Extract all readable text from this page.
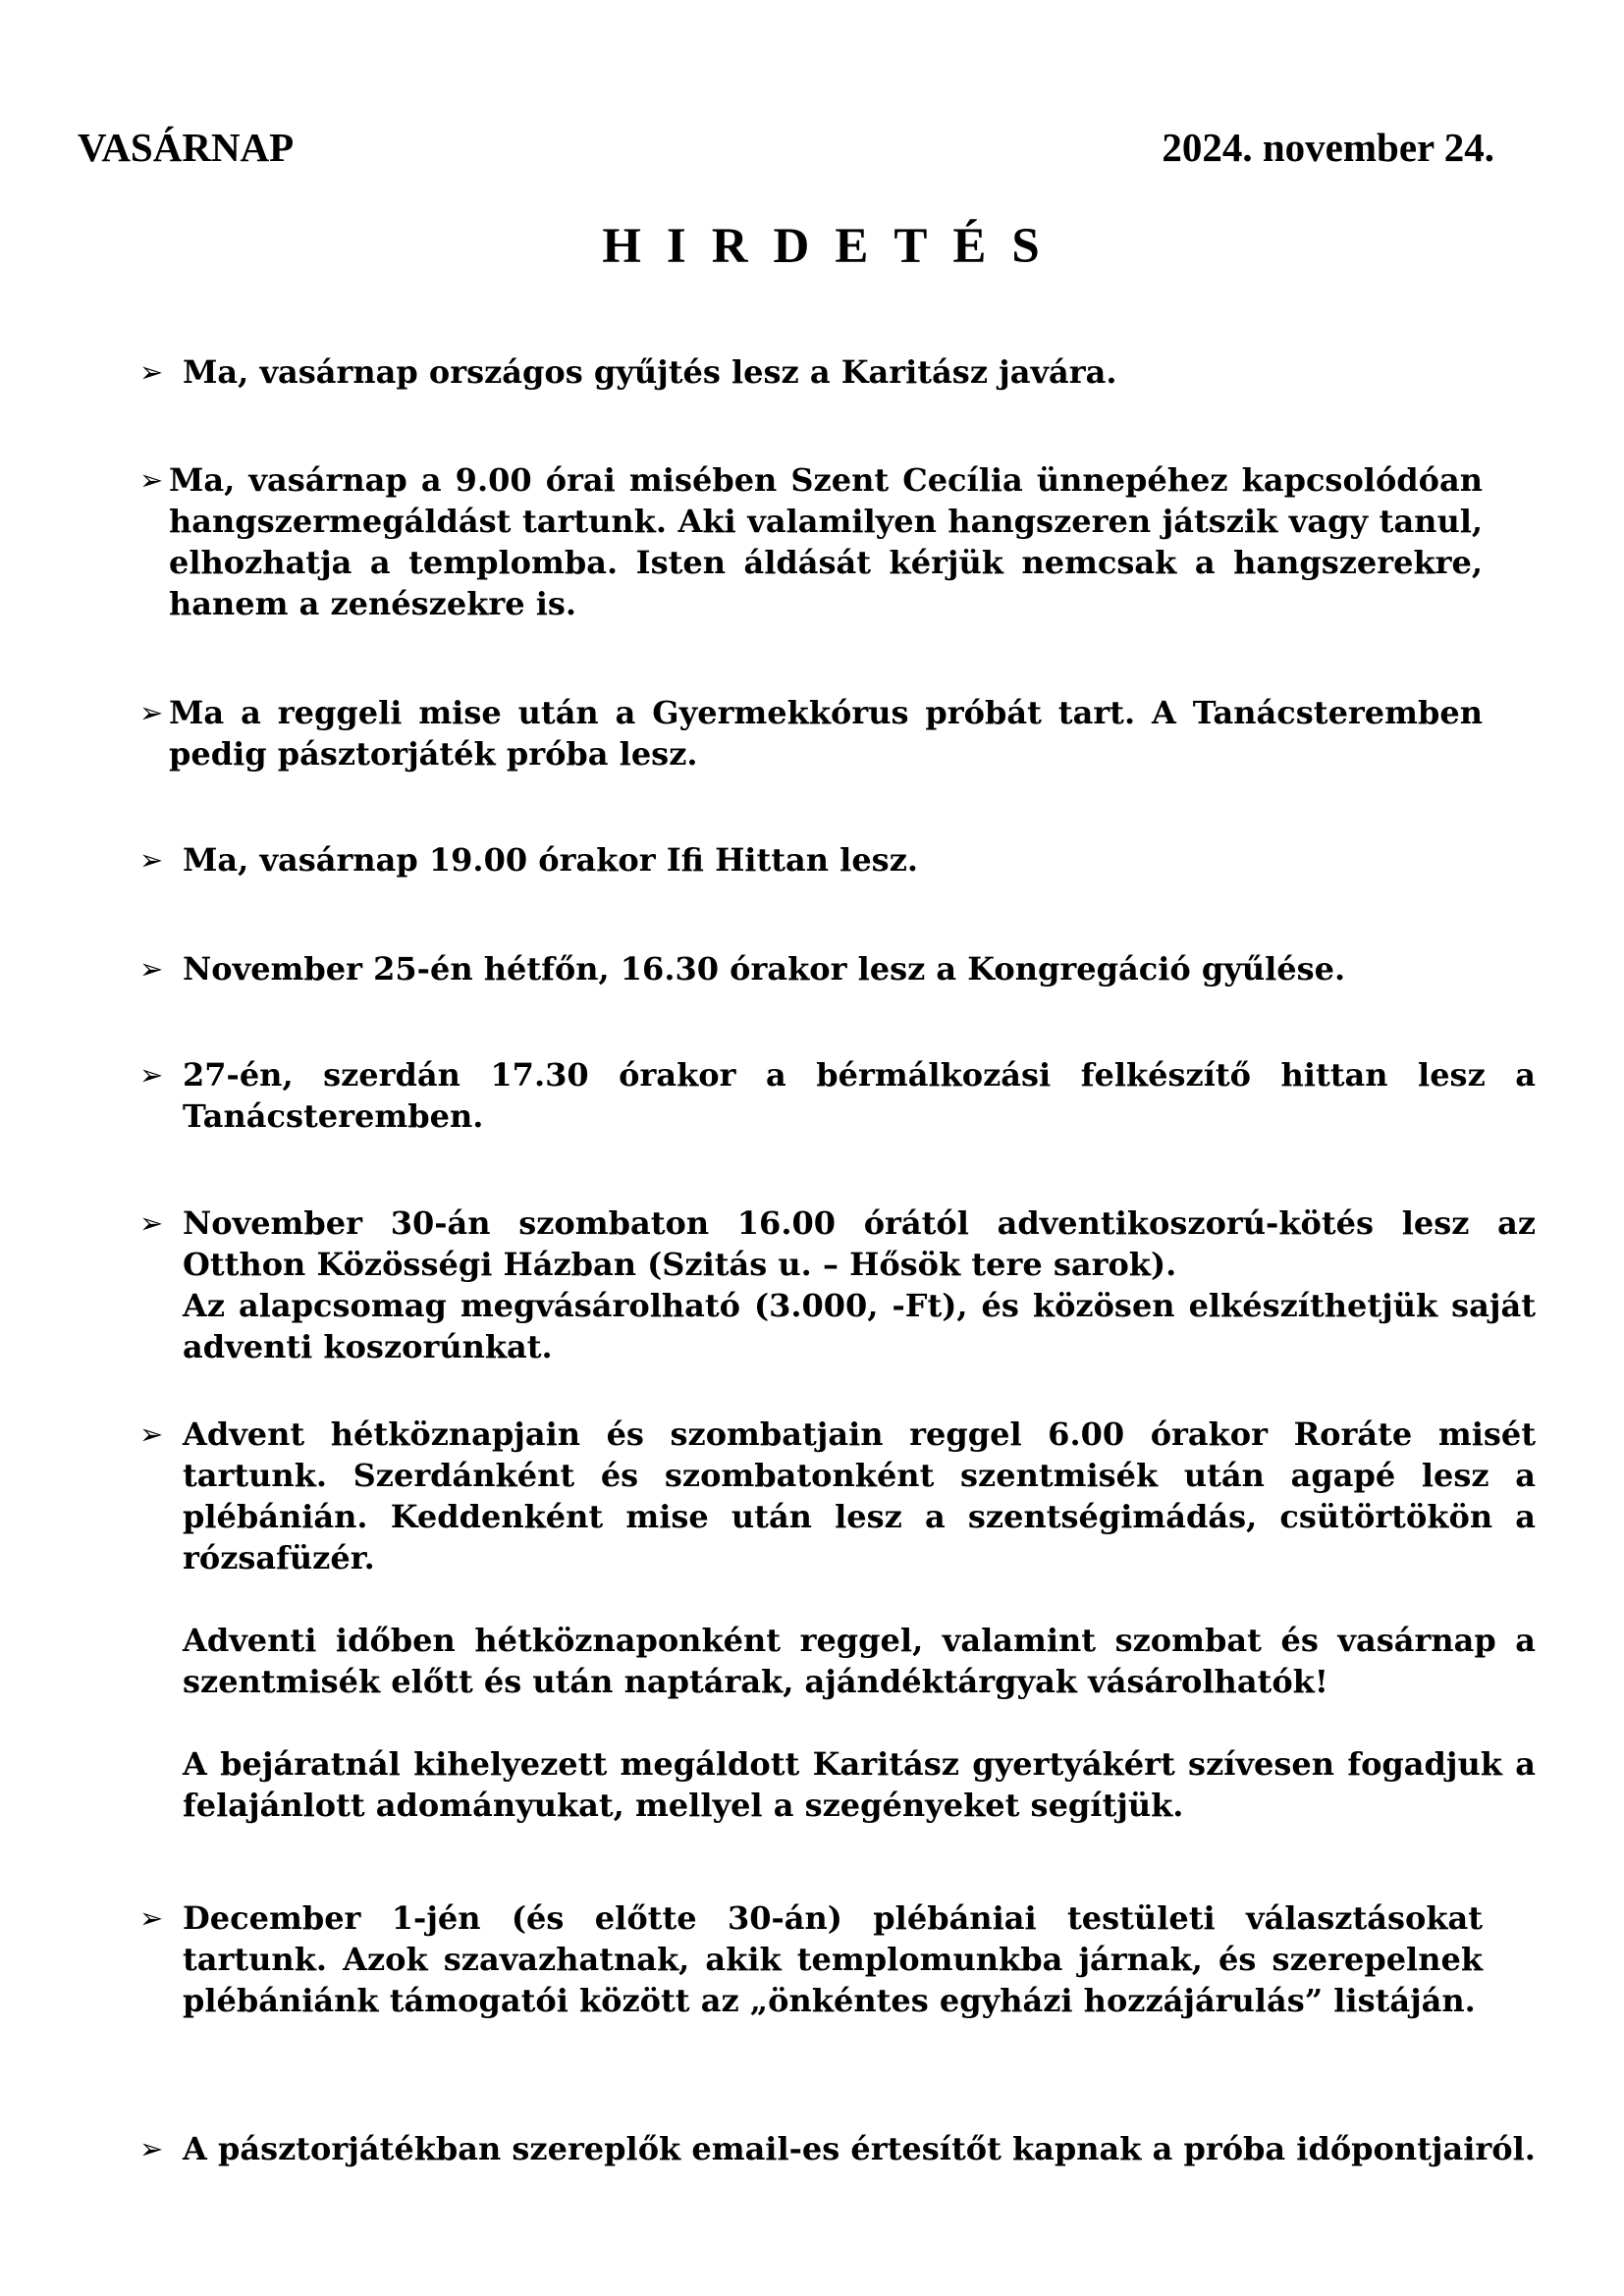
VASÁRNAP	2024. november 24.
HIRDETÉS
➢ Ma, vasárnap országos gyűjtés lesz a Karitász javára.

➢ Ma, vasárnap a 9.00 órai misében Szent Cecília ünnepéhez kapcsolódóan hangszermegáldást tartunk. Aki valamilyen hangszeren játszik vagy tanul, elhozhatja a templomba. Isten áldását kérjük nemcsak a hangszerekre, hanem a zenészekre is.

➢ Ma a reggeli mise után a Gyermekkórus próbát tart. A Tanácsteremben pedig pásztorjáték próba lesz.

➢ Ma, vasárnap 19.00 órakor Ifi Hittan lesz.

➢ November 25-én hétfőn, 16.30 órakor lesz a Kongregáció gyűlése.

➢ 27-én, szerdán 17.30 órakor a bérmálkozási felkészítő hittan lesz a Tanácsteremben.

➢ November 30-án szombaton 16.00 órától adventikoszorú-kötés lesz az Otthon Közösségi Házban (Szitás u. – Hősök tere sarok).

Az alapcsomag megvásárolható (3.000, -Ft), és közösen elkészíthetjük saját adventi koszorúnkat.

➢ Advent hétköznapjain és szombatjain reggel 6.00 órakor Roráte misét tartunk. Szerdánként és szombatonként szentmisék után agapé lesz a plébánián. Keddenként mise után lesz a szentségimádás, csütörtökön a rózsafüzér.

Adventi időben hétköznaponként reggel, valamint szombat és vasárnap a szentmisék előtt és után naptárak, ajándéktárgyak vásárolhatók!

A bejáratnál kihelyezett megáldott Karitász gyertyákért szívesen fogadjuk a felajánlott adományukat, mellyel a szegényeket segítjük.

➢ December 1-jén (és előtte 30-án) plébániai testületi választásokat tartunk. Azok szavazhatnak, akik templomunkba járnak, és szerepelnek plébániánk támogatói között az „önkéntes egyházi hozzájárulás” listáján.

➢ A pásztorjátékban szereplők email-es értesítőt kapnak a próba időpontjairól.
